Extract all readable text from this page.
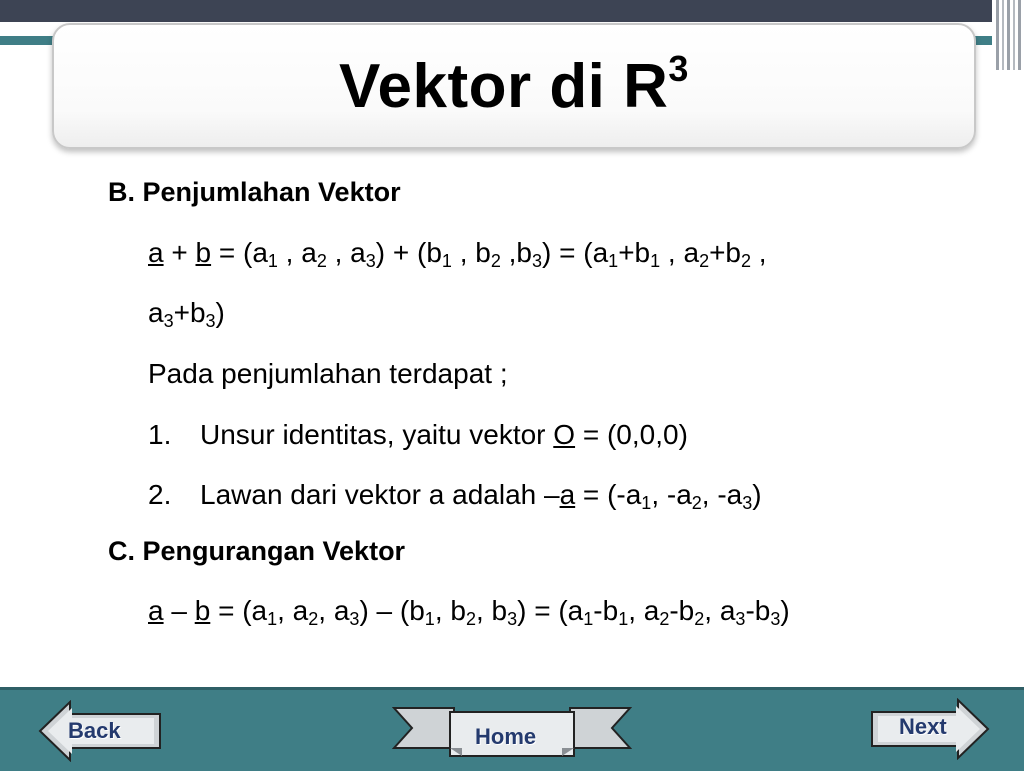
Vektor di $R^3$
B. Penjumlahan Vektor
$a + b = (a_1$ , $a_2$ , $a_3) + (b_1$ , $b_2$ $,b_3) = (a_1+b_1$ , $a_2+b_2$ ,
$a_3+b_3$)
Pada penjumlahan terdapat ;
1. Unsur identitas, yaitu vektor O = (0,0,0)
2. Lawan dari vektor a adalah $-a = (-a_1$, $-a_2$, $-a_3$)
C. Pengurangan Vektor
$a - b = (a_1$, $a_2$, $a_3) - (b_1$, $b_2$, $b_3) = (a_1-b_1$, $a_2-b_2$, $a_3-b_3$)
Back	Home	Next
